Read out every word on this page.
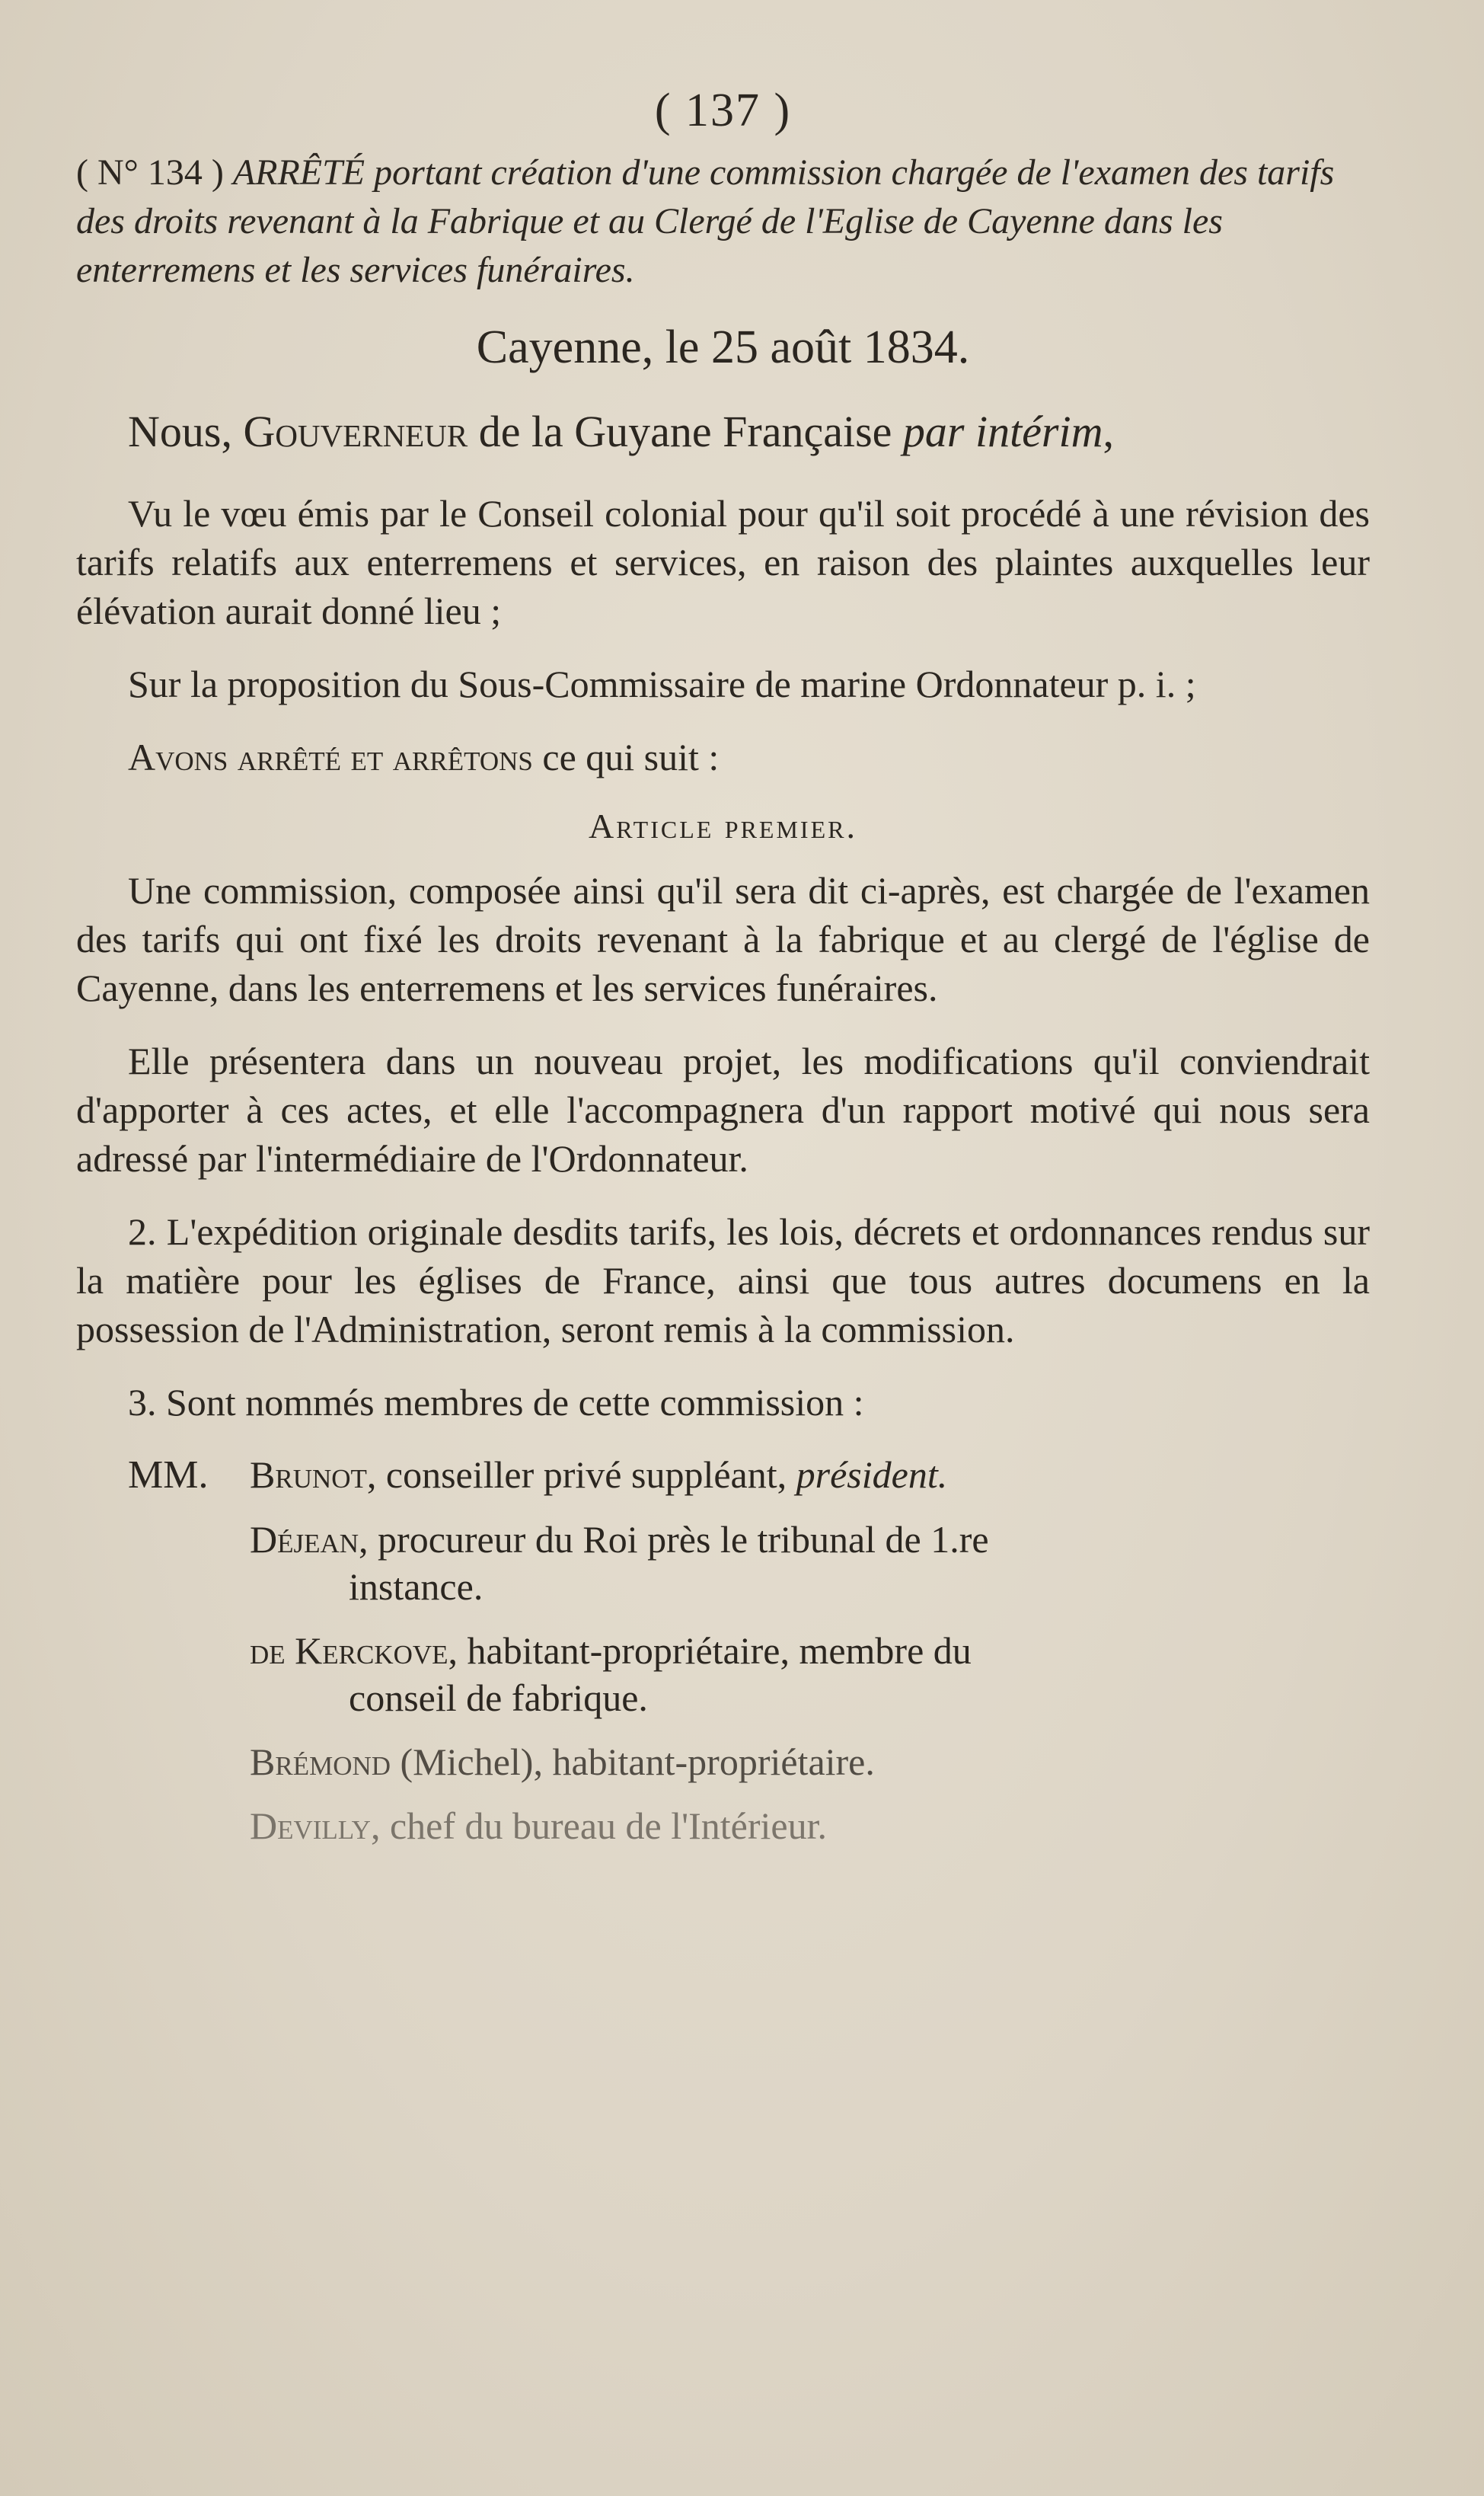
( 137 )
( N° 134 ) ARRÊTÉ portant création d'une commission chargée de l'examen des tarifs des droits revenant à la Fabrique et au Clergé de l'Eglise de Cayenne dans les enterremens et les services funéraires.
Cayenne, le 25 août 1834.

Nous, Gouverneur de la Guyane Française par intérim,

Vu le vœu émis par le Conseil colonial pour qu'il soit procédé à une révision des tarifs relatifs aux enterremens et services, en raison des plaintes auxquelles leur élévation aurait donné lieu ;

Sur la proposition du Sous-Commissaire de marine Ordonnateur p. i. ;

Avons arrêté et arrêtons ce qui suit :

Article premier.

Une commission, composée ainsi qu'il sera dit ci-après, est chargée de l'examen des tarifs qui ont fixé les droits revenant à la fabrique et au clergé de l'église de Cayenne, dans les enterremens et les services funéraires.

Elle présentera dans un nouveau projet, les modifications qu'il conviendrait d'apporter à ces actes, et elle l'accompagnera d'un rapport motivé qui nous sera adressé par l'intermédiaire de l'Ordonnateur.

2. L'expédition originale desdits tarifs, les lois, décrets et ordonnances rendus sur la matière pour les églises de France, ainsi que tous autres documens en la possession de l'Administration, seront remis à la commission.

3. Sont nommés membres de cette commission :

MM. Brunot, conseiller privé suppléant, président.
Déjean, procureur du Roi près le tribunal de 1.re
instance.
de Kerckove, habitant-propriétaire, membre du
conseil de fabrique.
Brémond (Michel), habitant-propriétaire.
Devilly, chef du bureau de l'Intérieur.
